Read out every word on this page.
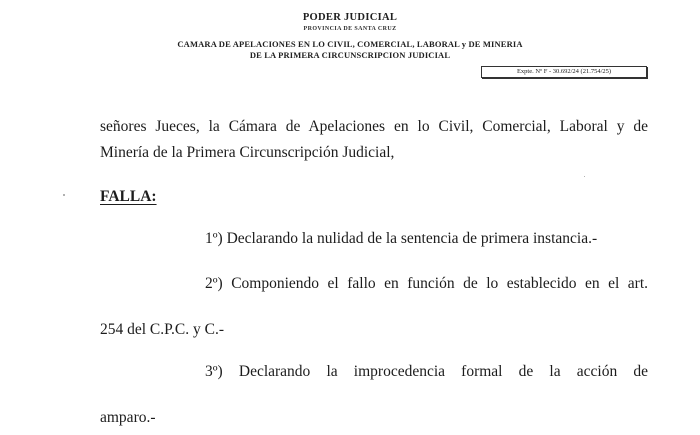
PODER JUDICIAL
PROVINCIA DE SANTA CRUZ
CAMARA DE APELACIONES EN LO CIVIL, COMERCIAL, LABORAL y DE MINERIA
DE LA PRIMERA CIRCUNSCRIPCION JUDICIAL
Expte. Nº F - 30.692/24 (21.754/25)
señores Jueces, la Cámara de Apelaciones en lo Civil, Comercial, Laboral y de
Minería de la Primera Circunscripción Judicial,
FALLA:
1º) Declarando la nulidad de la sentencia de primera instancia.-
2º) Componiendo el fallo en función de lo establecido en el art.
254 del C.P.C. y C.-
3º) Declarando la improcedencia formal de la acción de
amparo.-
